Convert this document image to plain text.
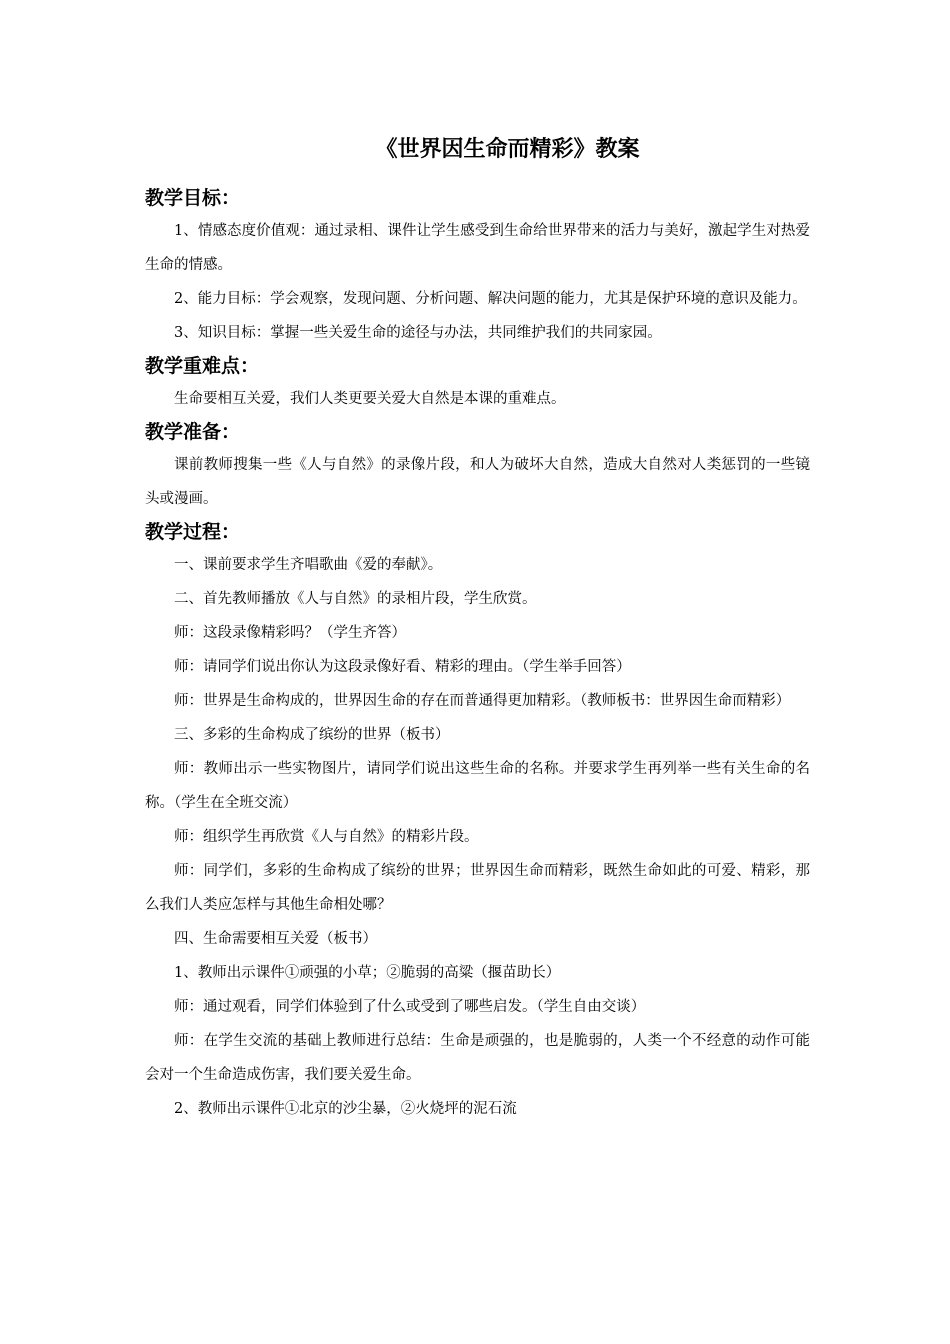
《世界因生命而精彩》教案
教学目标：

1、情感态度价值观：通过录相、课件让学生感受到生命给世界带来的活力与美好，激起学生对热爱生命的情感。

2、能力目标：学会观察，发现问题、分析问题、解决问题的能力，尤其是保护环境的意识及能力。

3、知识目标：掌握一些关爱生命的途径与办法，共同维护我们的共同家园。

教学重难点：

生命要相互关爱，我们人类更要关爱大自然是本课的重难点。

教学准备：

课前教师搜集一些《人与自然》的录像片段，和人为破坏大自然，造成大自然对人类惩罚的一些镜头或漫画。

教学过程：

一、课前要求学生齐唱歌曲《爱的奉献》。

二、首先教师播放《人与自然》的录相片段，学生欣赏。

师：这段录像精彩吗？（学生齐答）

师：请同学们说出你认为这段录像好看、精彩的理由。（学生举手回答）

师：世界是生命构成的，世界因生命的存在而普通得更加精彩。（教师板书：世界因生命而精彩）

三、多彩的生命构成了缤纷的世界（板书）

师：教师出示一些实物图片，请同学们说出这些生命的名称。并要求学生再列举一些有关生命的名称。（学生在全班交流）

师：组织学生再欣赏《人与自然》的精彩片段。

师：同学们，多彩的生命构成了缤纷的世界；世界因生命而精彩，既然生命如此的可爱、精彩，那么我们人类应怎样与其他生命相处哪？

四、生命需要相互关爱（板书）

1、教师出示课件①顽强的小草；②脆弱的高粱（揠苗助长）

师：通过观看，同学们体验到了什么或受到了哪些启发。（学生自由交谈）

师：在学生交流的基础上教师进行总结：生命是顽强的，也是脆弱的，人类一个不经意的动作可能会对一个生命造成伤害，我们要关爱生命。

2、教师出示课件①北京的沙尘暴，②火烧坪的泥石流
